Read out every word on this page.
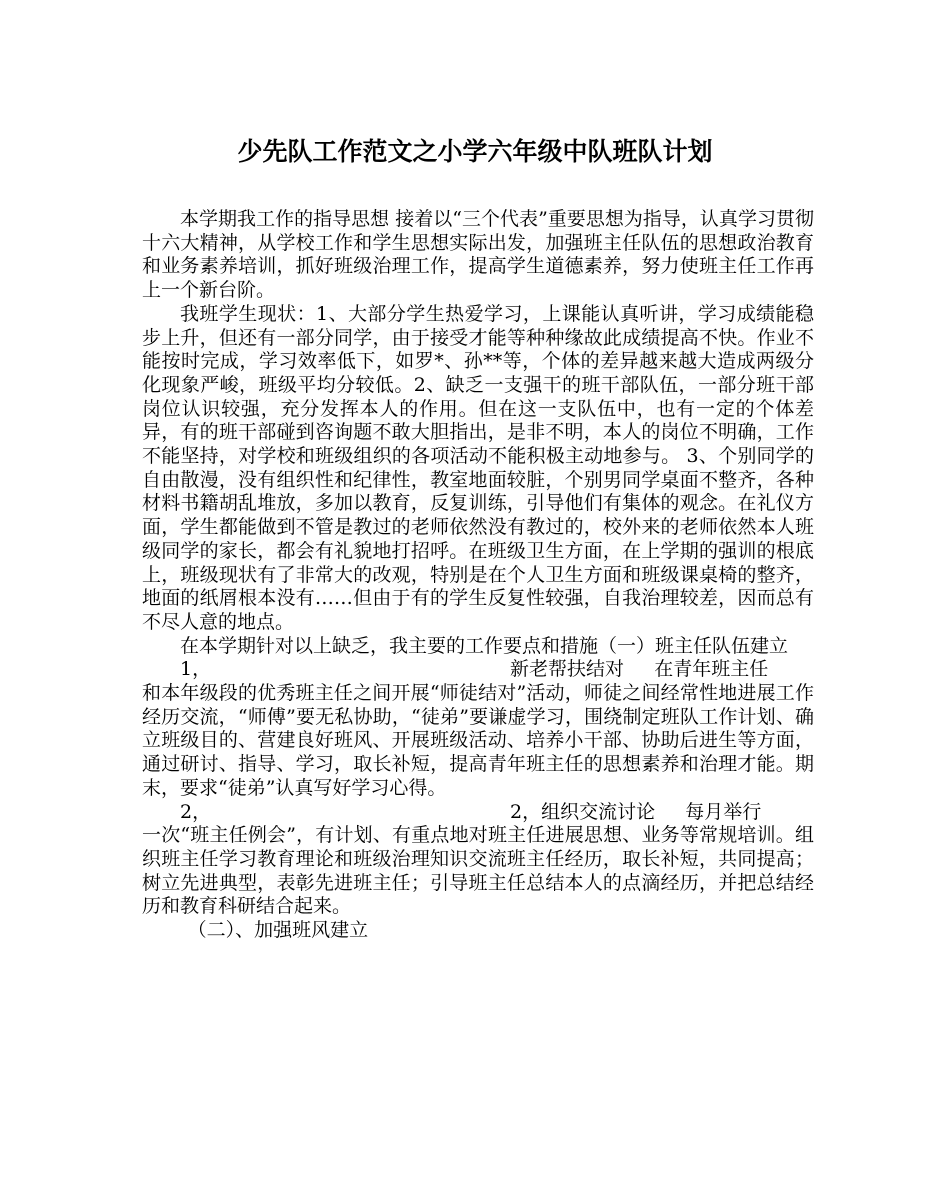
少先队工作范文之小学六年级中队班队计划

本学期我工作的指导思想 接着以“三个代表”重要思想为指导，认真学习贯彻十六大精神，从学校工作和学生思想实际出发，加强班主任队伍的思想政治教育和业务素养培训，抓好班级治理工作，提高学生道德素养，努力使班主任工作再上一个新台阶。

我班学生现状：1、大部分学生热爱学习，上课能认真听讲，学习成绩能稳步上升，但还有一部分同学，由于接受才能等种种缘故此成绩提高不快。作业不能按时完成，学习效率低下，如罗*、孙**等，个体的差异越来越大造成两级分化现象严峻，班级平均分较低。2、缺乏一支强干的班干部队伍，一部分班干部岗位认识较强，充分发挥本人的作用。但在这一支队伍中，也有一定的个体差异，有的班干部碰到咨询题不敢大胆指出，是非不明，本人的岗位不明确，工作不能坚持，对学校和班级组织的各项活动不能积极主动地参与。 3、个别同学的自由散漫，没有组织性和纪律性，教室地面较脏，个别男同学桌面不整齐，各种材料书籍胡乱堆放，多加以教育，反复训练，引导他们有集体的观念。在礼仪方面，学生都能做到不管是教过的老师依然没有教过的，校外来的老师依然本人班级同学的家长，都会有礼貌地打招呼。在班级卫生方面，在上学期的强训的根底上，班级现状有了非常大的改观，特别是在个人卫生方面和班级课桌椅的整齐，地面的纸屑根本没有……但由于有的学生反复性较强，自我治理较差，因而总有不尽人意的地点。

在本学期针对以上缺乏，我主要的工作要点和措施（一）班主任队伍建立

1，	新老帮扶结对     在青年班主任
和本年级段的优秀班主任之间开展“师徒结对”活动，师徒之间经常性地进展工作经历交流，“师傅”要无私协助，“徒弟”要谦虚学习，围绕制定班队工作计划、确立班级目的、营建良好班风、开展班级活动、培养小干部、协助后进生等方面，通过研讨、指导、学习，取长补短，提高青年班主任的思想素养和治理才能。期末，要求“徒弟”认真写好学习心得。

2，	2，组织交流讨论     每月举行
一次“班主任例会”，有计划、有重点地对班主任进展思想、业务等常规培训。组织班主任学习教育理论和班级治理知识交流班主任经历，取长补短，共同提高；树立先进典型，表彰先进班主任；引导班主任总结本人的点滴经历，并把总结经历和教育科研结合起来。

（二）、加强班风建立
